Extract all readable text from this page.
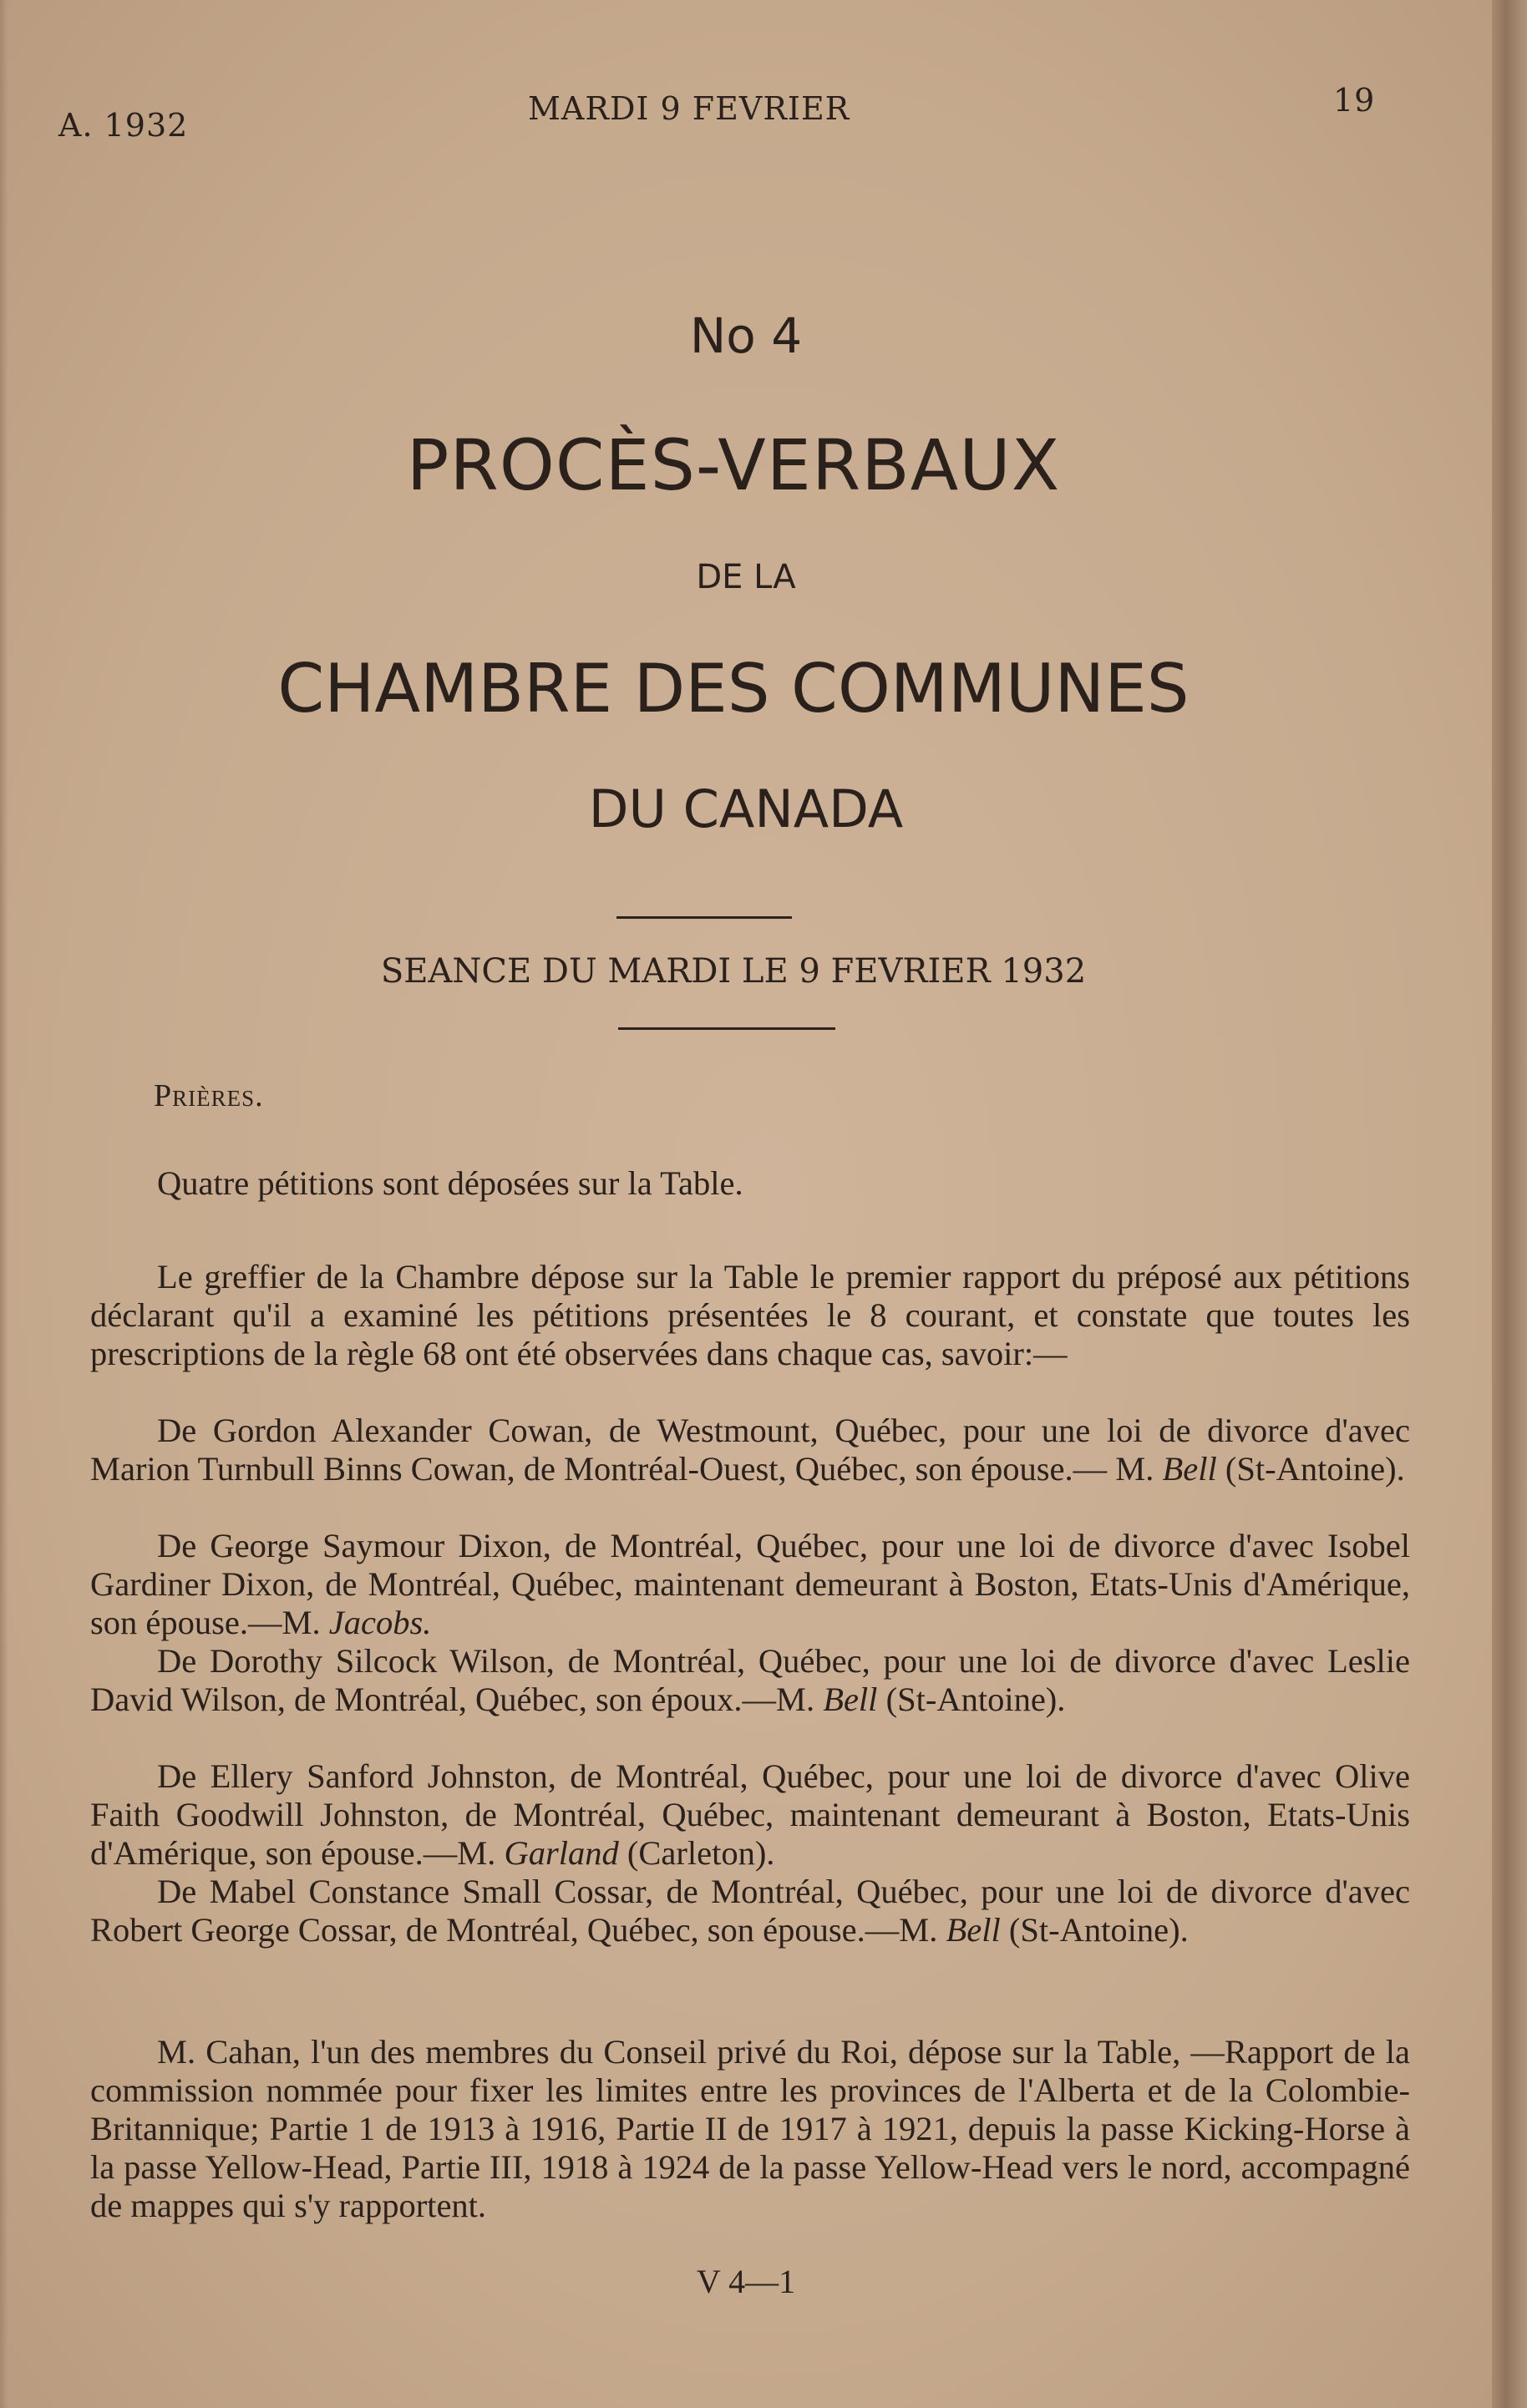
A. 1932	MARDI 9 FEVRIER	19
No 4
PROCÈS-VERBAUX
DE LA
CHAMBRE DES COMMUNES
DU CANADA
SEANCE DU MARDI LE 9 FEVRIER 1932
Prières.
Quatre pétitions sont déposées sur la Table.
Le greffier de la Chambre dépose sur la Table le premier rapport du préposé aux pétitions déclarant qu'il a examiné les pétitions présentées le 8 courant, et constate que toutes les prescriptions de la règle 68 ont été observées dans chaque cas, savoir:—
De Gordon Alexander Cowan, de Westmount, Québec, pour une loi de divorce d'avec Marion Turnbull Binns Cowan, de Montréal-Ouest, Québec, son épouse.— M. Bell (St-Antoine).
De George Saymour Dixon, de Montréal, Québec, pour une loi de divorce d'avec Isobel Gardiner Dixon, de Montréal, Québec, maintenant demeurant à Boston, Etats-Unis d'Amérique, son épouse.—M. Jacobs.
De Dorothy Silcock Wilson, de Montréal, Québec, pour une loi de divorce d'avec Leslie David Wilson, de Montréal, Québec, son époux.—M. Bell (St-Antoine).
De Ellery Sanford Johnston, de Montréal, Québec, pour une loi de divorce d'avec Olive Faith Goodwill Johnston, de Montréal, Québec, maintenant demeurant à Boston, Etats-Unis d'Amérique, son épouse.—M. Garland (Carleton).
De Mabel Constance Small Cossar, de Montréal, Québec, pour une loi de divorce d'avec Robert George Cossar, de Montréal, Québec, son épouse.—M. Bell (St-Antoine).
M. Cahan, l'un des membres du Conseil privé du Roi, dépose sur la Table, —Rapport de la commission nommée pour fixer les limites entre les provinces de l'Alberta et de la Colombie-Britannique; Partie 1 de 1913 à 1916, Partie II de 1917 à 1921, depuis la passe Kicking-Horse à la passe Yellow-Head, Partie III, 1918 à 1924 de la passe Yellow-Head vers le nord, accompagné de mappes qui s'y rapportent.
V 4—1
